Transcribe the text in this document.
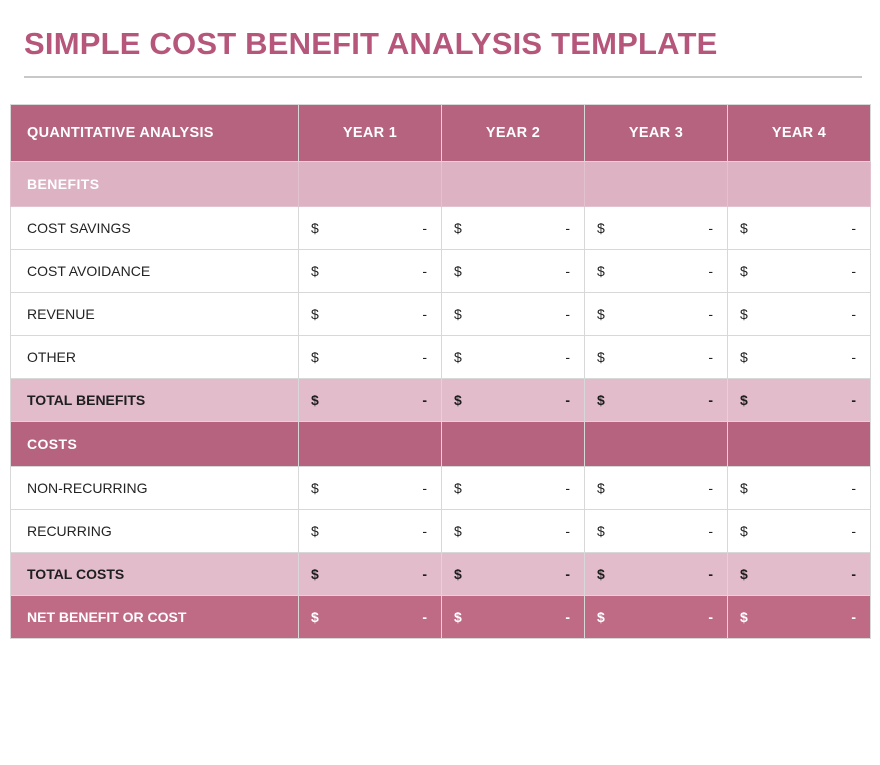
SIMPLE COST BENEFIT ANALYSIS TEMPLATE
QUANTITATIVE ANALYSIS	YEAR 1	YEAR 2	YEAR 3	YEAR 4
BENEFITS				
COST SAVINGS	$ -	$ -	$ -	$ -

COST AVOIDANCE	$ -	$ -	$ -	$ -

REVENUE	$ -	$ -	$ -	$ -

OTHER	$ -	$ -	$ -	$ -

TOTAL BENEFITS	$ -	$ -	$ -	$ -

COSTS				
NON-RECURRING	$ -	$ -	$ -	$ -

RECURRING	$ -	$ -	$ -	$ -

TOTAL COSTS	$ -	$ -	$ -	$ -

NET BENEFIT OR COST	$ -	$ -	$ -	$ -
